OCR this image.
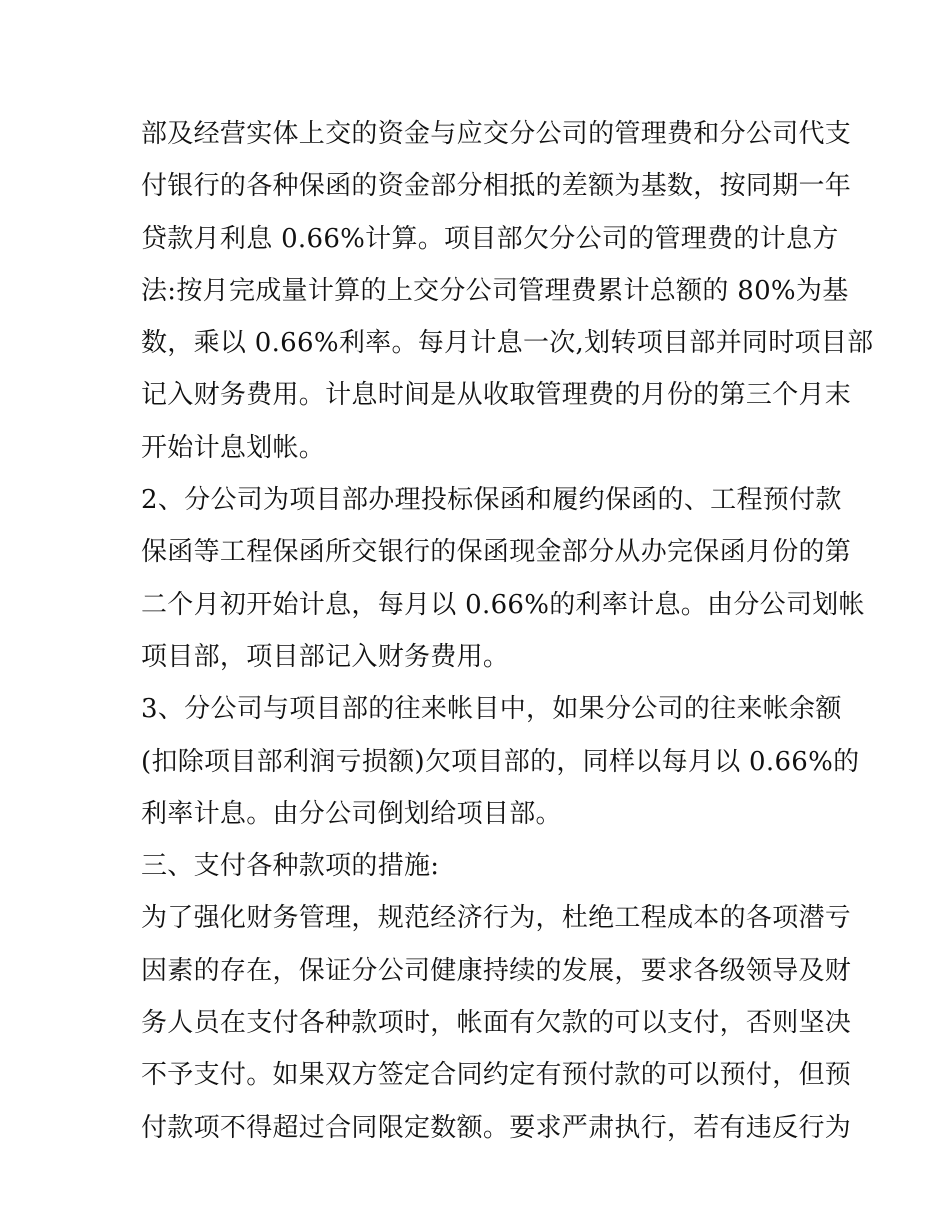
部及经营实体上交的资金与应交分公司的管理费和分公司代支
付银行的各种保函的资金部分相抵的差额为基数，按同期一年
贷款月利息 0.66%计算。项目部欠分公司的管理费的计息方
法:按月完成量计算的上交分公司管理费累计总额的 80%为基
数，乘以 0.66%利率。每月计息一次,划转项目部并同时项目部
记入财务费用。计息时间是从收取管理费的月份的第三个月末
开始计息划帐。
2、分公司为项目部办理投标保函和履约保函的、工程预付款
保函等工程保函所交银行的保函现金部分从办完保函月份的第
二个月初开始计息，每月以 0.66%的利率计息。由分公司划帐
项目部，项目部记入财务费用。
3、分公司与项目部的往来帐目中，如果分公司的往来帐余额
(扣除项目部利润亏损额)欠项目部的，同样以每月以 0.66%的
利率计息。由分公司倒划给项目部。
三、支付各种款项的措施:
为了强化财务管理，规范经济行为，杜绝工程成本的各项潜亏
因素的存在，保证分公司健康持续的发展，要求各级领导及财
务人员在支付各种款项时，帐面有欠款的可以支付，否则坚决
不予支付。如果双方签定合同约定有预付款的可以预付，但预
付款项不得超过合同限定数额。要求严肃执行，若有违反行为
